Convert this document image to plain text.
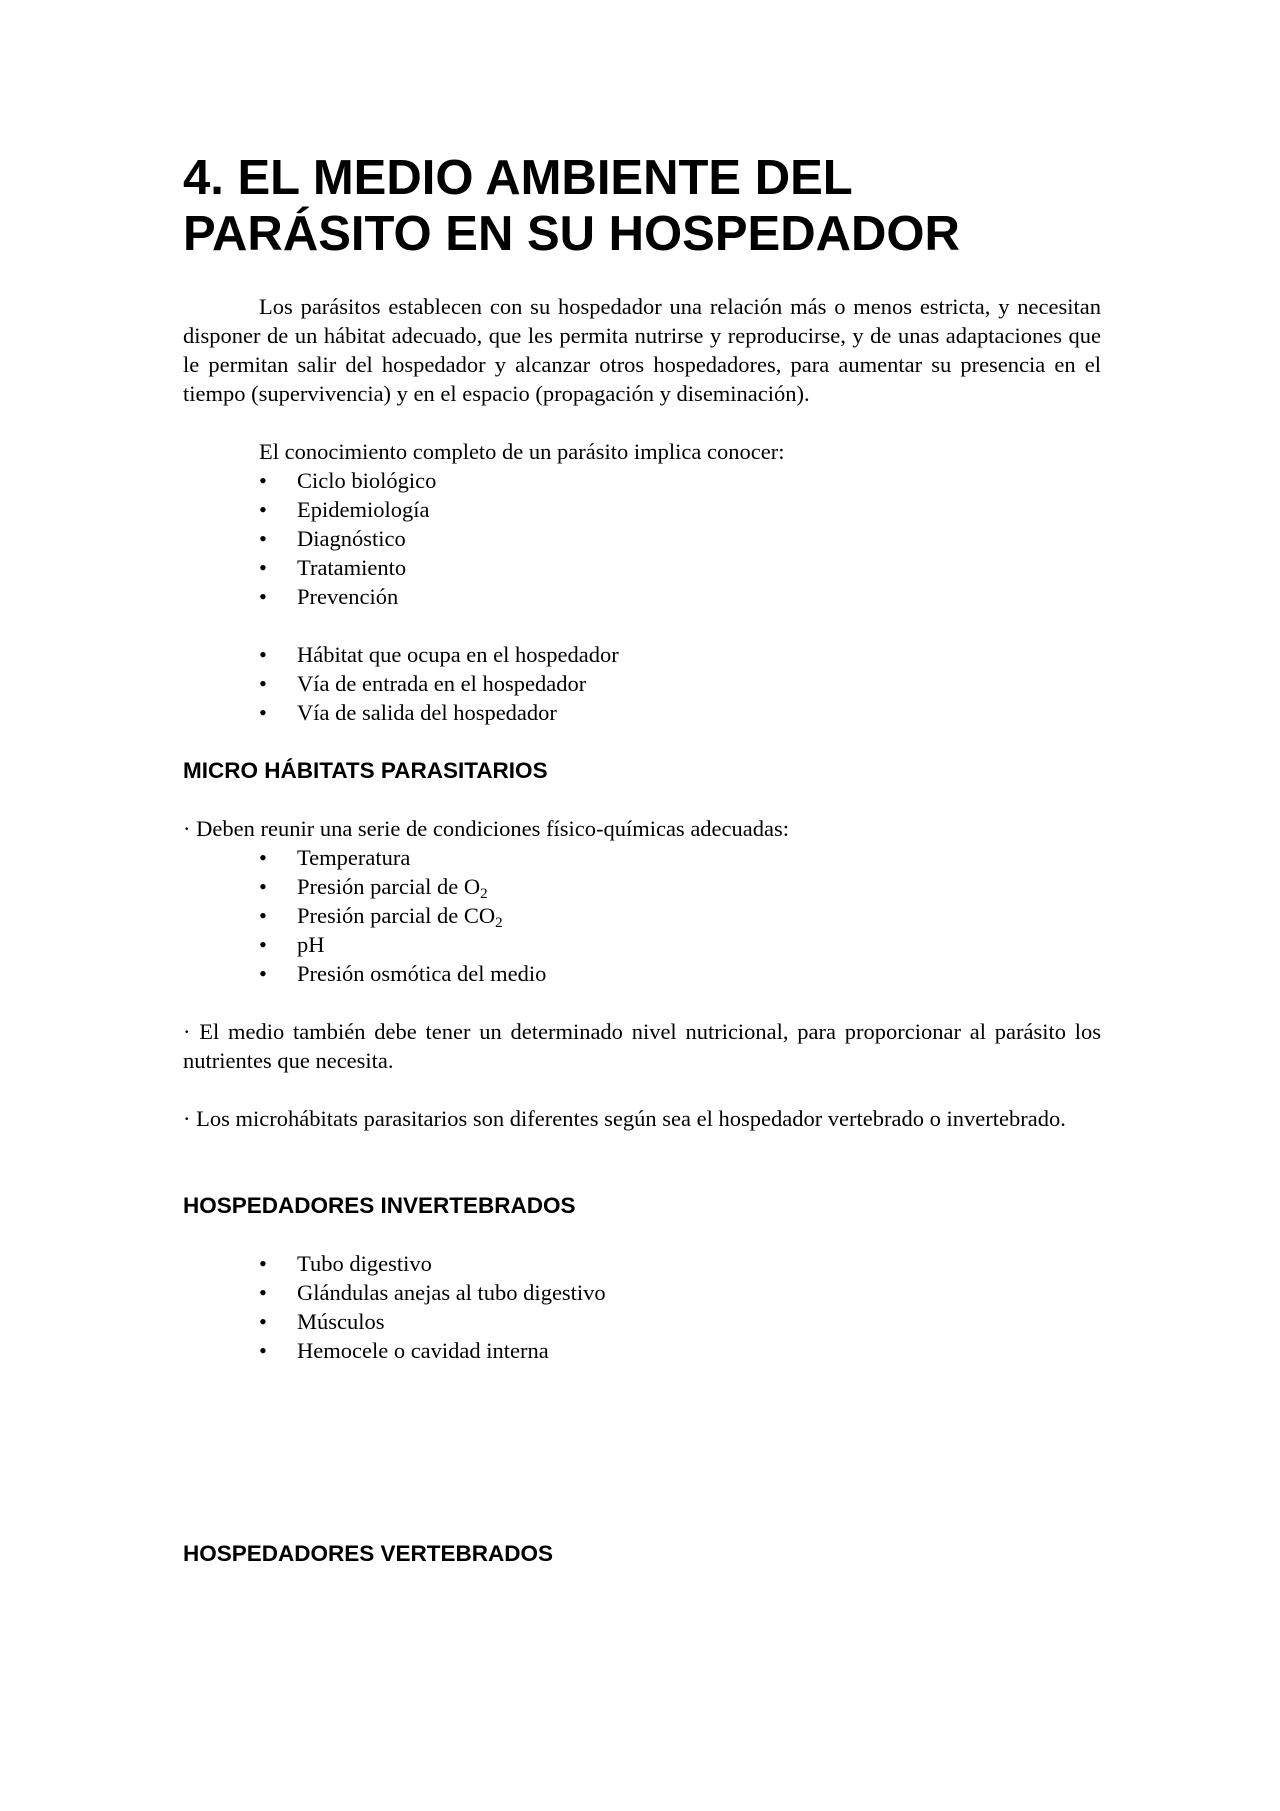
4. EL MEDIO AMBIENTE DEL
PARÁSITO EN SU HOSPEDADOR

Los parásitos establecen con su hospedador una relación más o menos estricta, y necesitan disponer de un hábitat adecuado, que les permita nutrirse y reproducirse, y de unas adaptaciones que le permitan salir del hospedador y alcanzar otros hospedadores, para aumentar su presencia en el tiempo (supervivencia) y en el espacio (propagación y diseminación).

El conocimiento completo de un parásito implica conocer:

• Ciclo biológico
• Epidemiología
• Diagnóstico
• Tratamiento
• Prevención
• Hábitat que ocupa en el hospedador
• Vía de entrada en el hospedador
• Vía de salida del hospedador
MICRO HÁBITATS PARASITARIOS

· Deben reunir una serie de condiciones físico-químicas adecuadas:

• Temperatura
• Presión parcial de $O_2$
• Presión parcial de $CO_2$
• pH
• Presión osmótica del medio

· El medio también debe tener un determinado nivel nutricional, para proporcionar al parásito los nutrientes que necesita.

· Los microhábitats parasitarios son diferentes según sea el hospedador vertebrado o invertebrado.

HOSPEDADORES INVERTEBRADOS
• Tubo digestivo
• Glándulas anejas al tubo digestivo
• Músculos
• Hemocele o cavidad interna
HOSPEDADORES VERTEBRADOS
